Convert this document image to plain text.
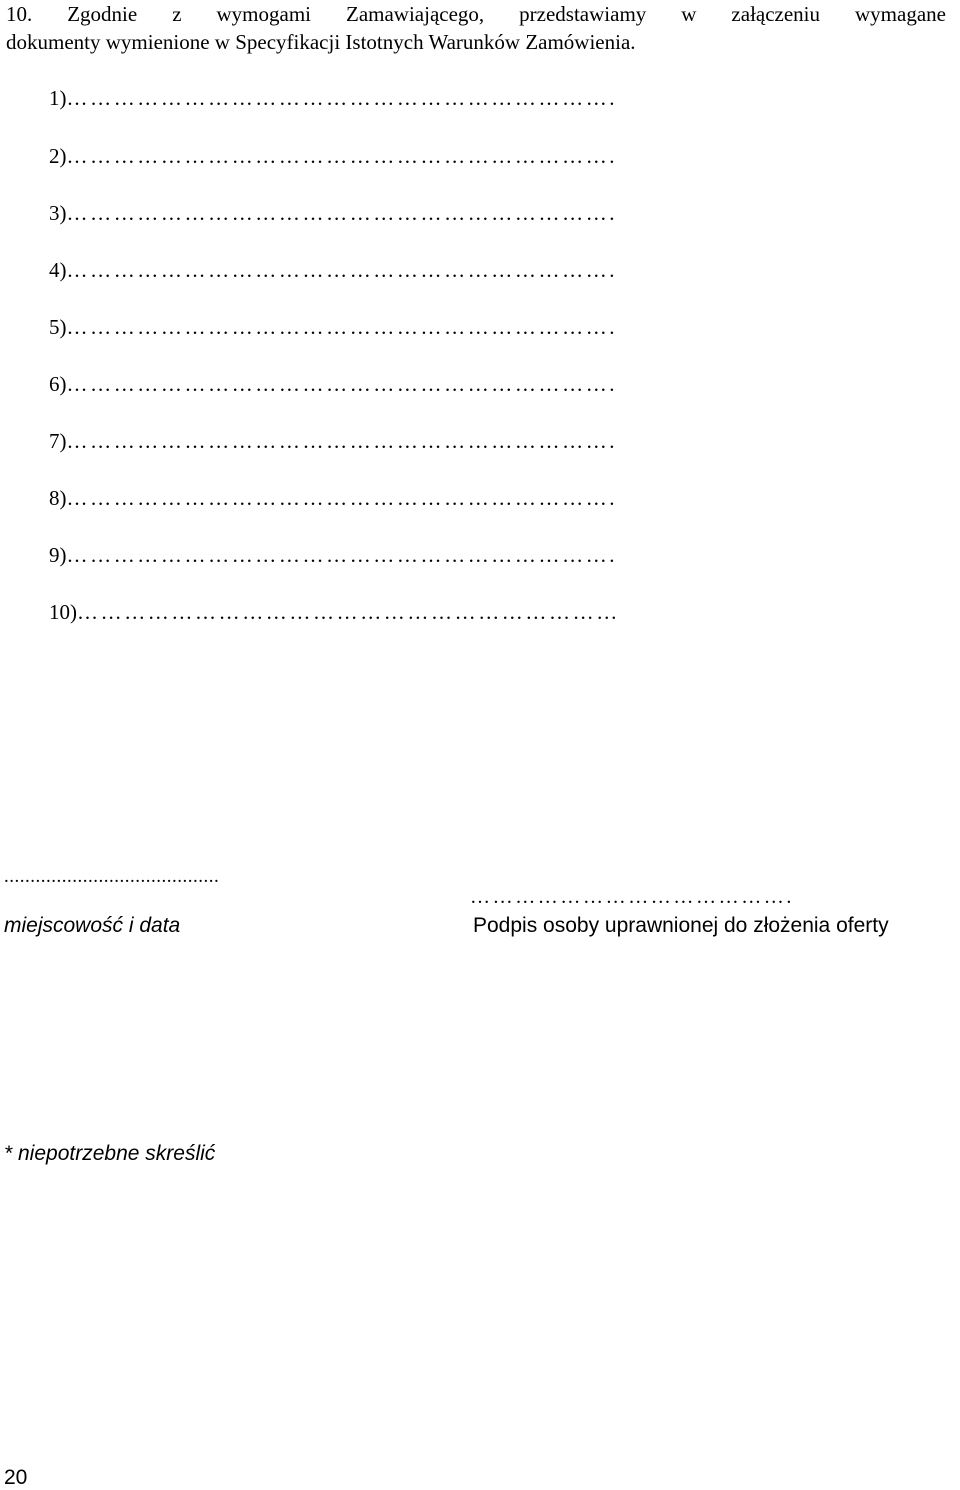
10. Zgodnie z wymogami Zamawiającego, przedstawiamy w załączeniu wymagane
dokumenty wymienione w Specyfikacji Istotnych Warunków Zamówienia.
1)…………………………………………………………….
2)…………………………………………………………….
3)…………………………………………………………….
4)…………………………………………………………….
5)…………………………………………………………….
6)…………………………………………………………….
7)…………………………………………………………….
8)…………………………………………………………….
9)…………………………………………………………….
10)……………………………………………………………
.........................................
miejscowość i data
…………………………………….
Podpis osoby uprawnionej do złożenia oferty
* niepotrzebne skreślić
20
